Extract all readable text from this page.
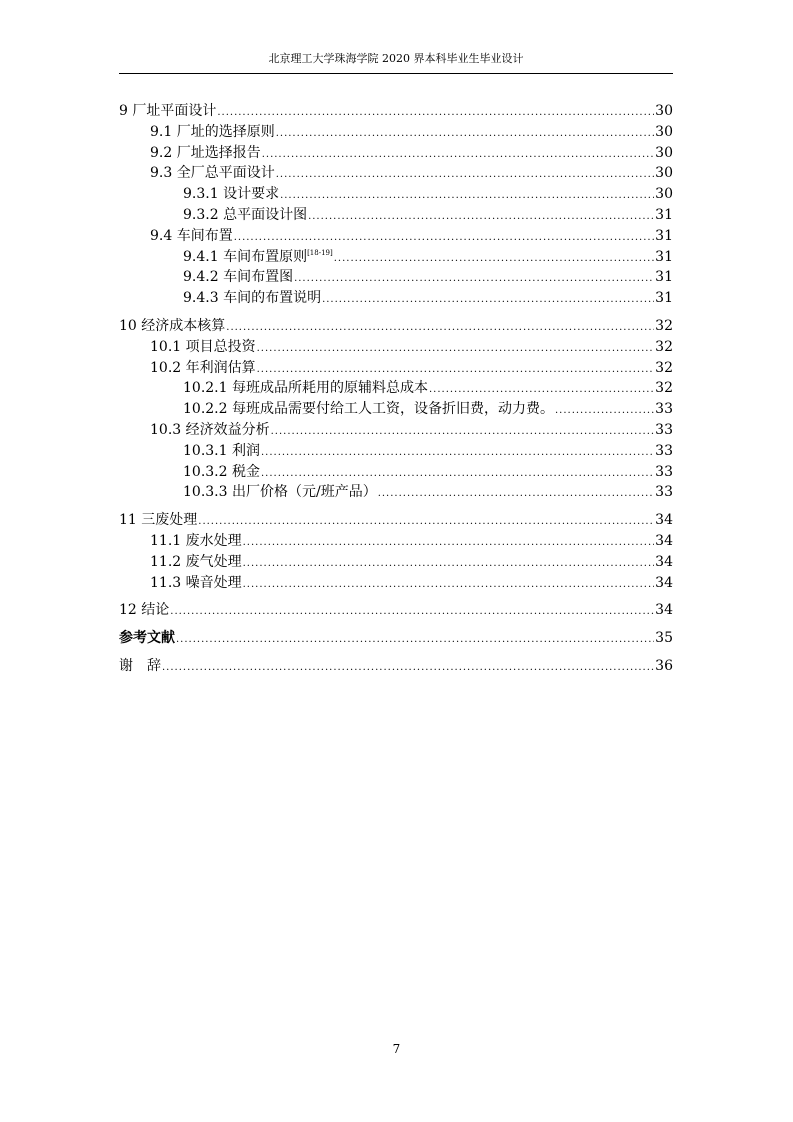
北京理工大学珠海学院 2020 界本科毕业生毕业设计
9 厂址平面设计 .....	30
9.1 厂址的选择原则 .....	30
9.2 厂址选择报告 .....	30
9.3 全厂总平面设计 .....	30
9.3.1 设计要求 .....	30
9.3.2 总平面设计图 .....	31
9.4 车间布置 .....	31
9.4.1 车间布置原则[18-19] .....	31
9.4.2 车间布置图 .....	31
9.4.3 车间的布置说明 .....	31
10 经济成本核算 .....	32
10.1 项目总投资 .....	32
10.2 年利润估算 .....	32
10.2.1 每班成品所耗用的原辅料总成本 .....	32
10.2.2 每班成品需要付给工人工资，设备折旧费，动力费。 .....	33
10.3 经济效益分析 .....	33
10.3.1 利润 .....	33
10.3.2 税金 .....	33
10.3.3 出厂价格（元/班产品） .....	33
11 三废处理 .....	34
11.1 废水处理 .....	34
11.2 废气处理 .....	34
11.3 噪音处理 .....	34
12 结论 .....	34
参考文献 .....	35
谢　辞 .....	36
7
